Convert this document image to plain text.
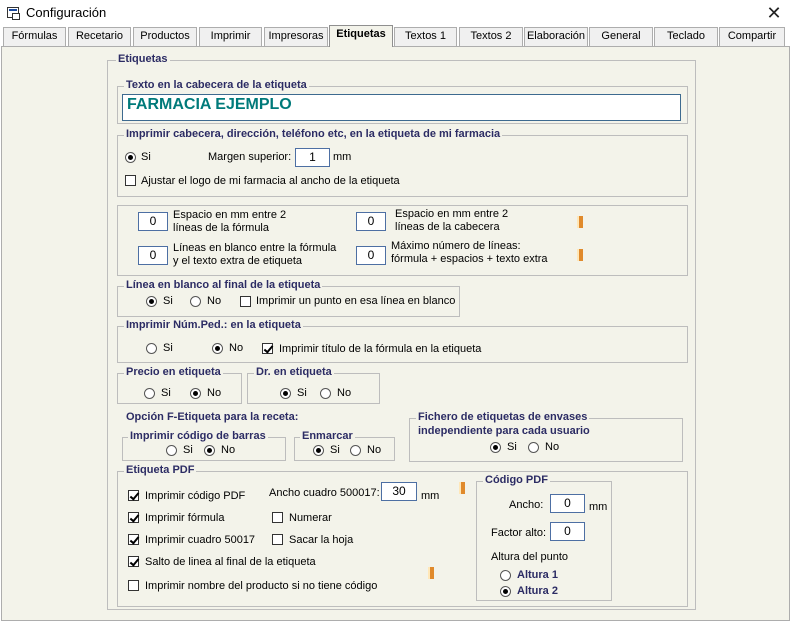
Configuración	✕
Fórmulas	Recetario	Productos	Imprimir	Impresoras	Etiquetas	Textos 1	Textos 2	Elaboración	General	Teclado	Compartir
Etiquetas
Texto en la cabecera de la etiqueta
FARMACIA EJEMPLO
Imprimir cabecera, dirección, teléfono etc, en la etiqueta de mi farmacia
Si	Margen superior:	1	mm
Ajustar el logo de mi farmacia al ancho de la etiqueta
0	Espacio en mm entre 2
líneas de la fórmula	0	Espacio en mm entre 2
líneas de la cabecera
0	Líneas en blanco entre la fórmula
y el texto extra de etiqueta	0
Máximo número de líneas:
fórmula + espacios + texto extra
Línea en blanco al final de la etiqueta
Si	No	Imprimir un punto en esa línea en blanco
Imprimir Núm.Ped.: en la etiqueta
Si	No	Imprimir título de la fórmula en la etiqueta
Precio en etiqueta
Si	No
Dr. en etiqueta
Si	No
Opción F-Etiqueta para la receta:
Imprimir código de barras
Si	No
Enmarcar
Si No
Fichero de etiquetas de envases
independiente para cada usuario
Si	No
Etiqueta PDF
Imprimir código PDF Ancho cuadro 500017:	30	mm
Imprimir fórmula	Numerar
Imprimir cuadro 50017	Sacar la hoja
Salto de linea al final de la etiqueta
Imprimir nombre del producto si no tiene código
Código PDF
Ancho:	0	mm
Factor alto:	0
Altura del punto
Altura 1
Altura 2
